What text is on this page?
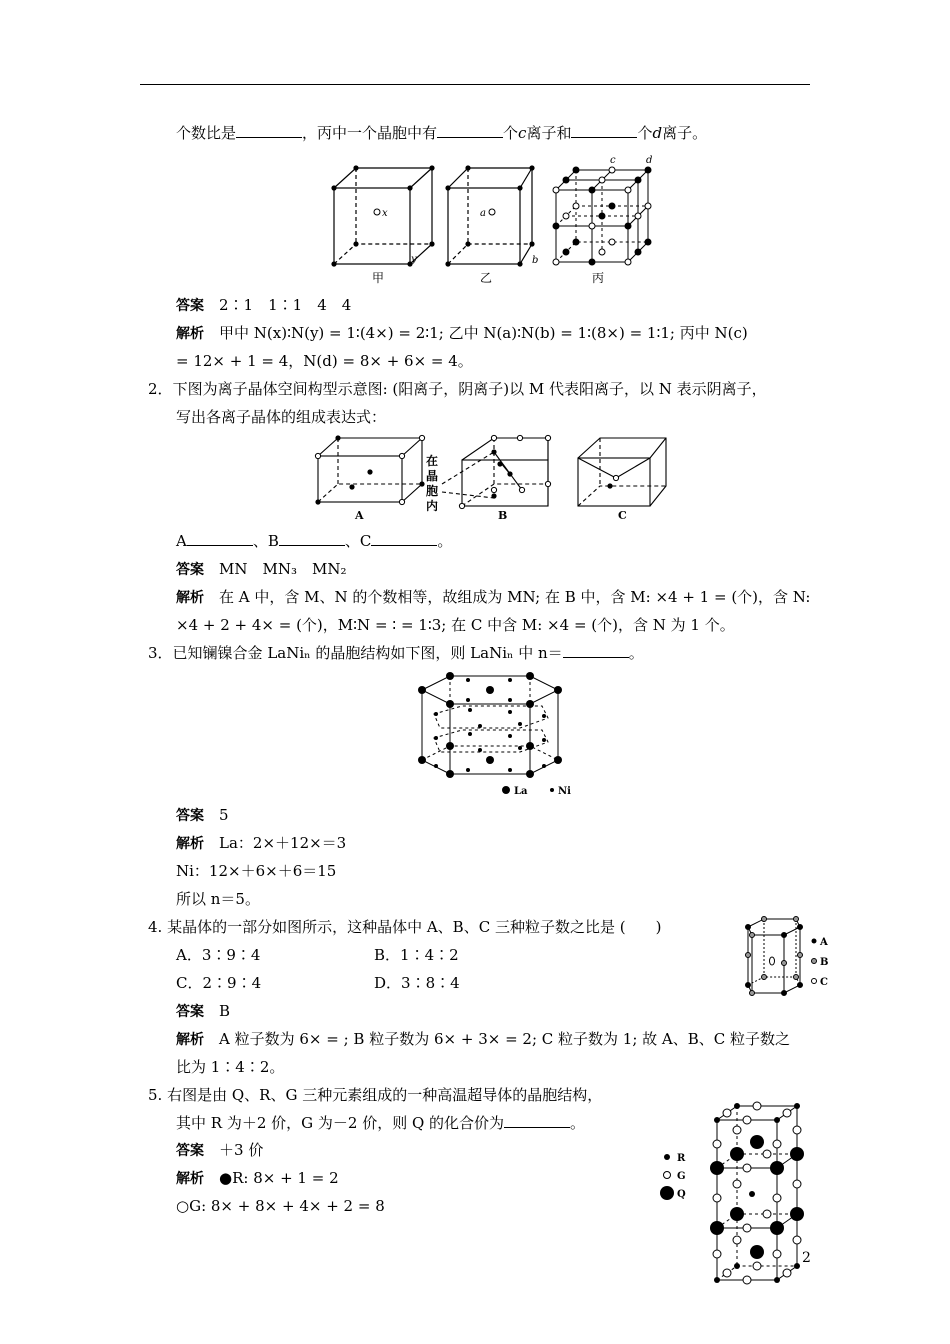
个数比是	，丙中一个晶胞中有	个c离子和	个d离子。
x
y
甲
a
b
乙
c	d
丙
答案　 2∶1　1∶1　4　4
解析　 甲中 N(x)∶N(y) = 1∶(4×) = 2∶1; 乙中 N(a)∶N(b) = 1∶(8×) = 1∶1; 丙中 N(c)
= 12× + 1 = 4，N(d) = 8× + 6× = 4。
2．下图为离子晶体空间构型示意图: (阳离子，阴离子)以 M 代表阳离子，以 N 表示阴离子，
写出各离子晶体的组成表达式：
A
在
晶
胞
内
B	C
A	、B	、C	。
答案　 MN　MN₃　MN₂
解析　 在 A 中，含 M、N 的个数相等，故组成为 MN; 在 B 中，含 M: ×4 + 1 = (个)，含 N:
×4 + 2 + 4× = (个)，M∶N = ∶ = 1∶3; 在 C 中含 M: ×4 = (个)，含 N 为 1 个。
3．已知镧镍合金 LaNiₙ 的晶胞结构如下图，则 LaNiₙ 中 n＝	。
La	Ni
答案　 5
解析　 La：2×＋12×＝3
Ni：12×＋6×＋6＝15
所以 n＝5。
4. 某晶体的一部分如图所示，这种晶体中 A、B、C 三种粒子数之比是 (　　)
A．3∶9∶4	B．1∶4∶2
C．2∶9∶4	D．3∶8∶4
A
B
C
答案　 B
解析　 A 粒子数为 6× = ; B 粒子数为 6× + 3× = 2; C 粒子数为 1; 故 A、B、C 粒子数之
比为 1∶4∶2。
5. 右图是由 Q、R、G 三种元素组成的一种高温超导体的晶胞结构，
其中 R 为＋2 价，G 为－2 价，则 Q 的化合价为	。
答案　 ＋3 价
解析　 ●R: 8× + 1 = 2
○G: 8× + 8× + 4× + 2 = 8
R
G
Q
2
